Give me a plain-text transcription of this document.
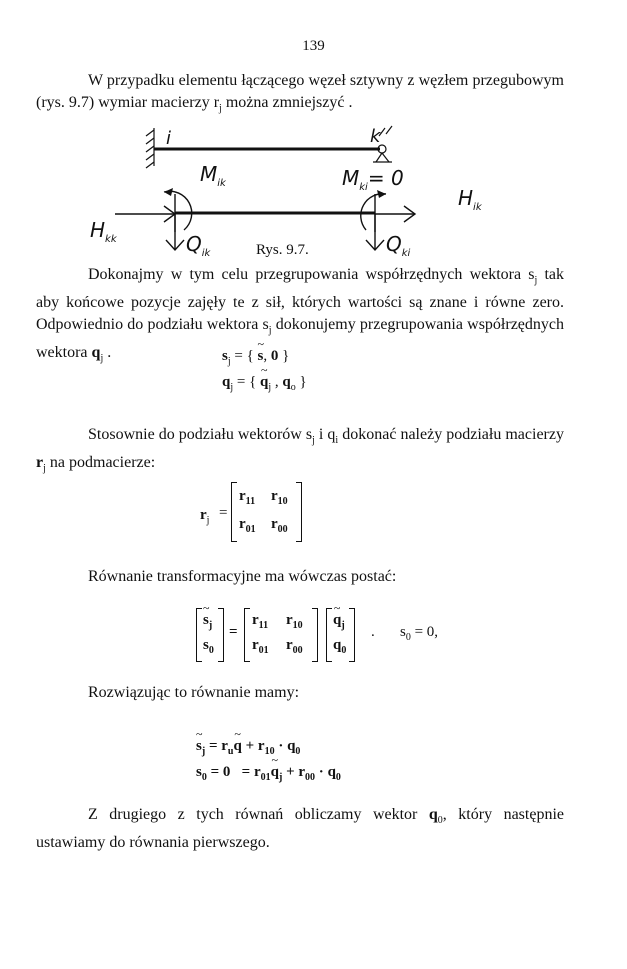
139

W przypadku elementu łączącego węzeł sztywny z węzłem przegubowym (rys. 9.7) wymiar macierzy $r_j$ można zmniejszyć .

i	k
$M_{ik}$	$M_{ki}= 0$
$H_{ik}$
$H_{kk}$	$Q_{ik}$	$Q_{ki}$
Rys. 9.7.

Dokonajmy w tym celu przegrupowania współrzędnych wektora $s_j$ tak aby końcowe pozycje zajęły te z sił, których wartości są znane i równe zero. Odpowiednio do podziału wektora $s_j$ dokonujemy przegrupowania współrzędnych wektora $q_j$ .	$s_j$ = { ~ s, 0 }
$q_j$ = { ~ $q_j$ , $q_o$ }

Stosownie do podziału wektorów $s_j$ i $q_i$ dokonać należy podziału macierzy $r_j$ na podmacierze:

$r_j$ =
$r_{11}$ $r_{10}$
$r_{01}$ $r_{00}$

Równanie transformacyjne ma wówczas postać:

~ $s_j$
$s_0$
=
$r_{11}$ $r_{10}$
$r_{01}$ $r_{00}$
~ $q_j$
$q_0$
. $s_0 = 0$,

Rozwiązując to równanie mamy:

~ $s_j$ = $r_u\sim$ $q + r_{10} \cdot q_0$
$s_0 = 0$   = $r_{01}\sim$ $q_j + r_{00} \cdot q_0$

Z drugiego z tych równań obliczamy wektor $q_0$, który następnie ustawiamy do równania pierwszego.
